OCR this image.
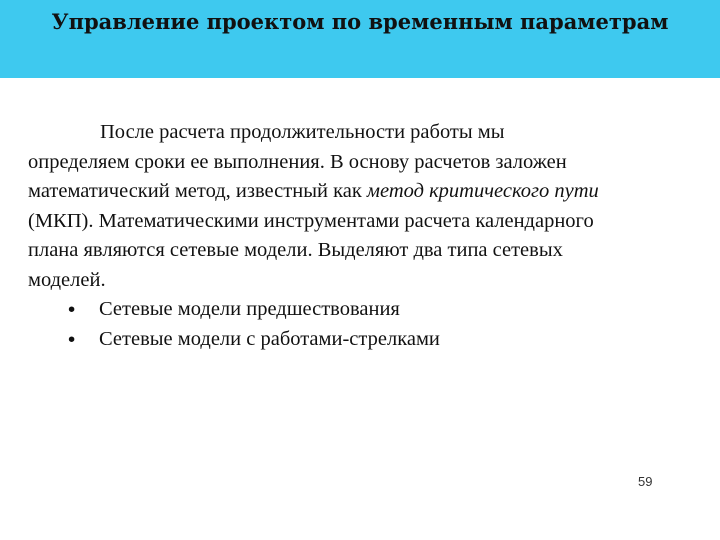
Управление проектом по временным параметрам

После расчета продолжительности работы мы
определяем сроки ее выполнения. В основу расчетов заложен
математический метод, известный как метод критического пути
(МКП). Математическими инструментами расчета календарного
плана являются сетевые модели. Выделяют два типа сетевых
моделей.

• Сетевые модели предшествования
• Сетевые модели с работами-стрелками
59
